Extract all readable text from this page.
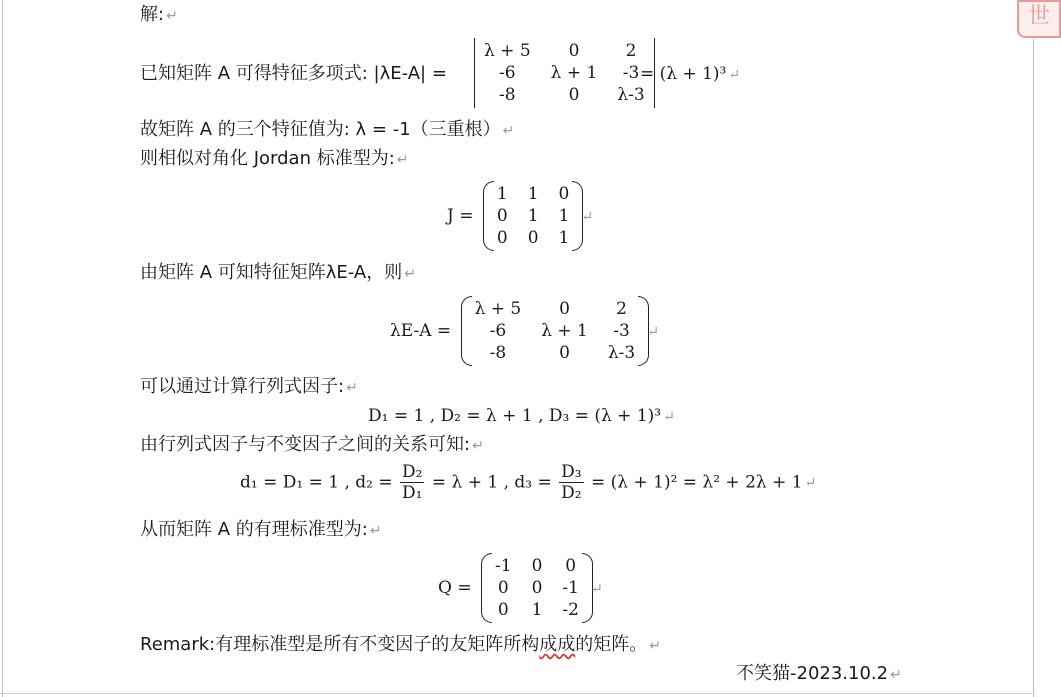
世
解: ↵
已知矩阵 A 可得特征多项式: |λE-A| =
λ + 5	0	2
-6	λ + 1	-3
-8	0	λ-3
= (λ + 1)³ ↵
故矩阵 A 的三个特征值为: λ = -1（三重根） ↵
则相似对角化 Jordan 标准型为: ↵
J =
1	1	0
0	1	1
0	0	1
↵
由矩阵 A 可知特征矩阵λE-A，则 ↵
λE-A =
λ + 5	0	2
-6	λ + 1	-3
-8	0	λ-3
↵
可以通过计算行列式因子: ↵
D₁ = 1 , D₂ = λ + 1 , D₃ = (λ + 1)³ ↵
由行列式因子与不变因子之间的关系可知: ↵
d₁ = D₁ = 1 , $d_2 = \frac{\text{D₂}}{\text{D₁}} = \lambda + 1$ , $d_3 = \frac{\text{D₃}}{\text{D₂}} = (\lambda + 1)^2 = \lambda^2 + 2\lambda + 1$ ↵
从而矩阵 A 的有理标准型为: ↵
Q =
-1	0	0
0	0	-1
0	1	-2
↵
Remark:有理标准型是所有不变因子的友矩阵所构成成的矩阵。 ↵
不笑猫-2023.10.2 ↵
